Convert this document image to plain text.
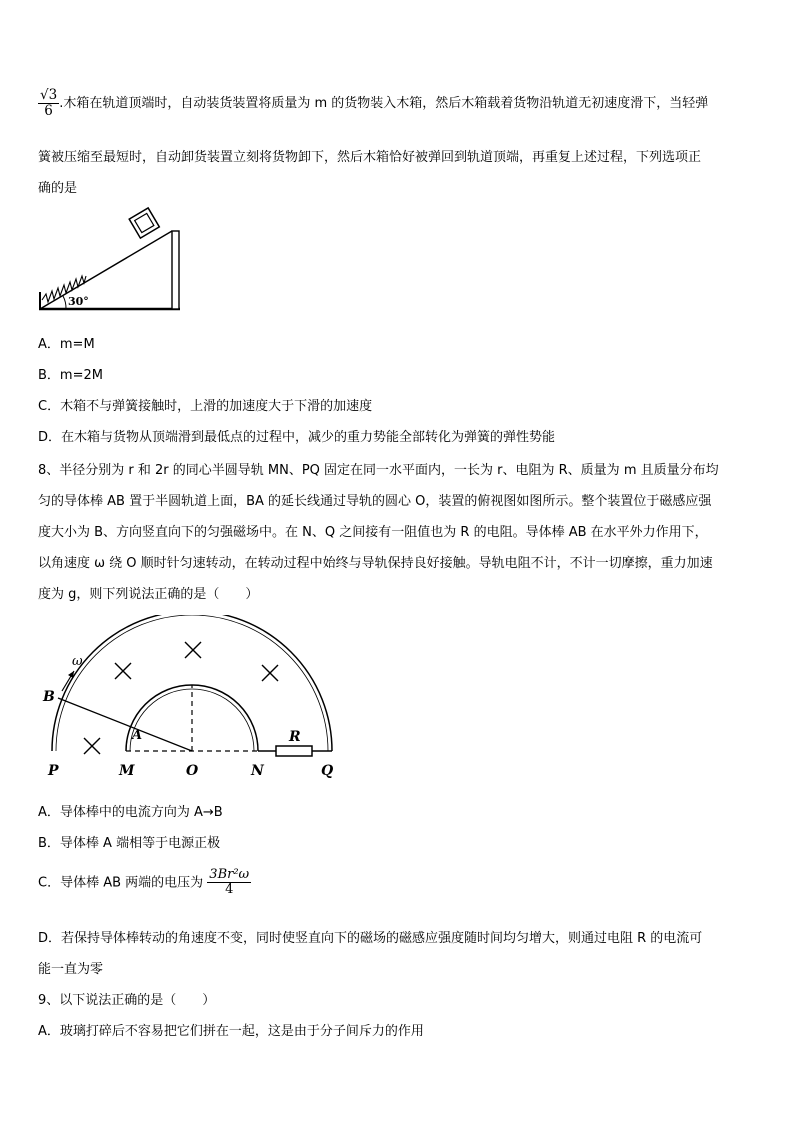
$\frac{√3}{6}$ .木箱在轨道顶端时，自动装货装置将质量为 m 的货物装入木箱，然后木箱载着货物沿轨道无初速度滑下，当轻弹
簧被压缩至最短时，自动卸货装置立刻将货物卸下，然后木箱恰好被弹回到轨道顶端，再重复上述过程，下列选项正
确的是
30°
A．m=M
B．m=2M
C．木箱不与弹簧接触时，上滑的加速度大于下滑的加速度
D．在木箱与货物从顶端滑到最低点的过程中，减少的重力势能全部转化为弹簧的弹性势能
8、半径分别为 r 和 2r 的同心半圆导轨 MN、PQ 固定在同一水平面内，一长为 r、电阻为 R、质量为 m 且质量分布均
匀的导体棒 AB 置于半圆轨道上面，BA 的延长线通过导轨的圆心 O，装置的俯视图如图所示。整个装置位于磁感应强
度大小为 B、方向竖直向下的匀强磁场中。在 N、Q 之间接有一阻值也为 R 的电阻。导体棒 AB 在水平外力作用下，
以角速度 ω 绕 O 顺时针匀速转动，在转动过程中始终与导轨保持良好接触。导轨电阻不计，不计一切摩擦，重力加速
度为 g，则下列说法正确的是（　　）
ω
B
A
P	M	O	N	Q
R
A．导体棒中的电流方向为 A→B
B．导体棒 A 端相等于电源正极
C．导体棒 AB 两端的电压为 $\frac{\text{3Br²ω}}{4}$
D．若保持导体棒转动的角速度不变，同时使竖直向下的磁场的磁感应强度随时间均匀增大，则通过电阻 R 的电流可
能一直为零
9、以下说法正确的是（　　）
A．玻璃打碎后不容易把它们拼在一起，这是由于分子间斥力的作用
